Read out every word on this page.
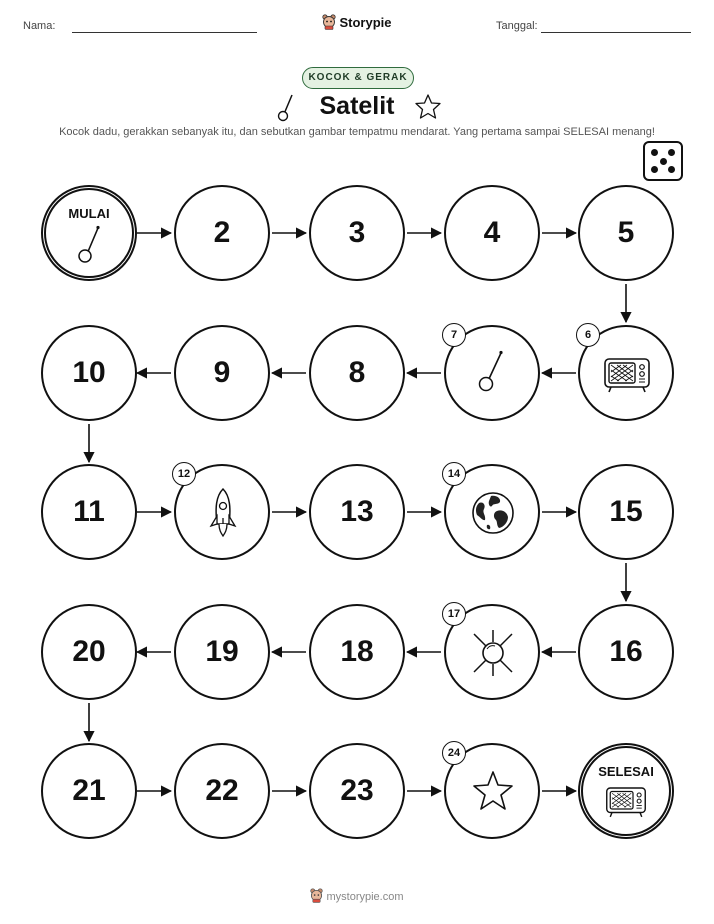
Nama:	Storypie	Tanggal:
KOCOK & GERAK
Satelit
Kocok dadu, gerakkan sebanyak itu, dan sebutkan gambar tempatmu mendarat. Yang pertama sampai SELESAI menang!
MULAI
2	3	4	5
10	9	8
7	6
11
12
13
14
15
20	19	18
17
16
21	22	23
24
SELESAI
mystorypie.com
